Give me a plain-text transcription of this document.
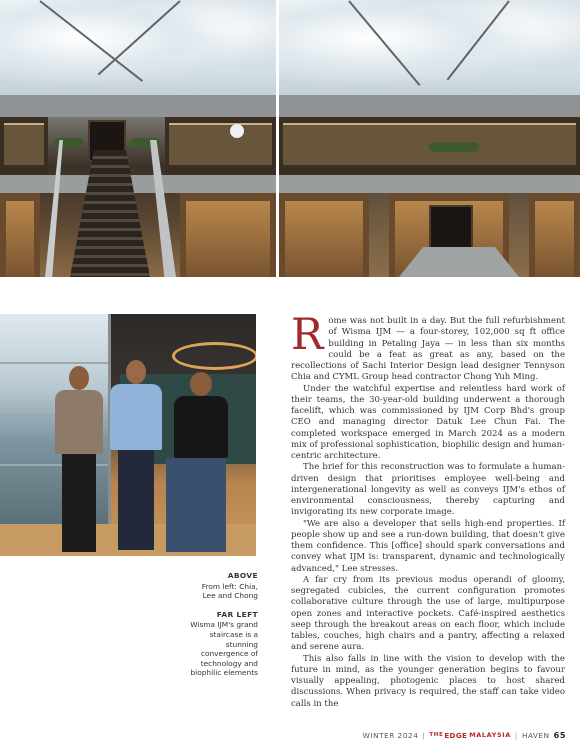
ABOVE
From left: Chia, Lee and Chong
FAR LEFT
Wisma IJM's grand staircase is a stunning convergence of technology and biophilic elements

Rome was not built in a day. But the full refurbishment of Wisma IJM — a four-storey, 102,000 sq ft office building in Petaling Jaya — in less than six months could be a feat as great as any, based on the recollections of Sachi Interior Design lead designer Tennyson Chia and CYML Group head contractor Chong Yuh Ming.

Under the watchful expertise and relentless hard work of their teams, the 30-year-old building underwent a thorough facelift, which was commissioned by IJM Corp Bhd's group CEO and managing director Datuk Lee Chun Fai. The completed workspace emerged in March 2024 as a modern mix of professional sophistication, biophilic design and human-centric architecture.

The brief for this reconstruction was to formulate a human-driven design that prioritises employee well-being and intergenerational longevity as well as conveys IJM's ethos of environmental consciousness, thereby capturing and invigorating its new corporate image.

"We are also a developer that sells high-end properties. If people show up and see a run-down building, that doesn't give them confidence. This [office] should spark conversations and convey what IJM is: transparent, dynamic and technologically advanced," Lee stresses.

A far cry from its previous modus operandi of gloomy, segregated cubicles, the current configuration promotes collaborative culture through the use of large, multipurpose open zones and interactive pockets. Café-inspired aesthetics seep through the breakout areas on each floor, which include tables, couches, high chairs and a pantry, affecting a relaxed and serene aura.

This also falls in line with the vision to develop with the future in mind, as the younger generation begins to favour visually appealing, photogenic places to host shared discussions. When privacy is required, the staff can take video calls in the

WINTER 2024 | THE EDGE MALAYSIA | HAVEN 65
